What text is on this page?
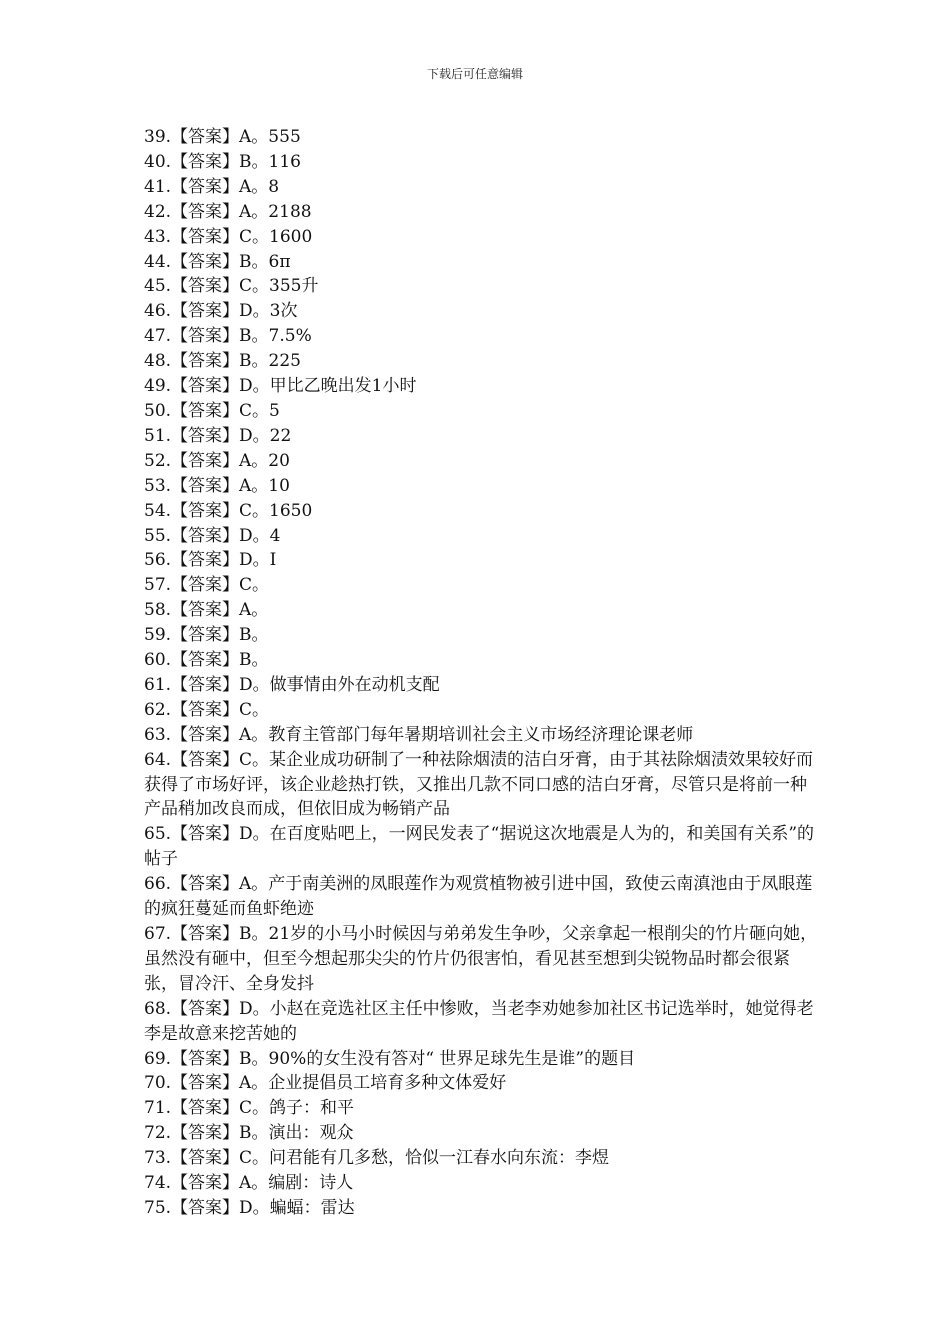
下载后可任意编辑
39.【答案】A。555
40.【答案】B。116
41.【答案】A。8
42.【答案】A。2188
43.【答案】C。1600
44.【答案】B。6π
45.【答案】C。355升
46.【答案】D。3次
47.【答案】B。7.5%
48.【答案】B。225
49.【答案】D。甲比乙晚出发1小时
50.【答案】C。5
51.【答案】D。22
52.【答案】A。20
53.【答案】A。10
54.【答案】C。1650
55.【答案】D。4
56.【答案】D。I
57.【答案】C。
58.【答案】A。
59.【答案】B。
60.【答案】B。
61.【答案】D。做事情由外在动机支配
62.【答案】C。
63.【答案】A。教育主管部门每年暑期培训社会主义市场经济理论课老师
64.【答案】C。某企业成功研制了一种祛除烟渍的洁白牙膏，由于其祛除烟渍效果较好而获得了市场好评，该企业趁热打铁，又推出几款不同口感的洁白牙膏，尽管只是将前一种产品稍加改良而成，但依旧成为畅销产品
65.【答案】D。在百度贴吧上，一网民发表了“据说这次地震是人为的，和美国有关系”的帖子
66.【答案】A。产于南美洲的凤眼莲作为观赏植物被引进中国，致使云南滇池由于凤眼莲的疯狂蔓延而鱼虾绝迹
67.【答案】B。21岁的小马小时候因与弟弟发生争吵，父亲拿起一根削尖的竹片砸向她，虽然没有砸中，但至今想起那尖尖的竹片仍很害怕，看见甚至想到尖锐物品时都会很紧张，冒冷汗、全身发抖
68.【答案】D。小赵在竞选社区主任中惨败，当老李劝她参加社区书记选举时，她觉得老李是故意来挖苦她的
69.【答案】B。90%的女生没有答对“ 世界足球先生是谁”的题目
70.【答案】A。企业提倡员工培育多种文体爱好
71.【答案】C。鸽子：和平
72.【答案】B。演出：观众
73.【答案】C。问君能有几多愁，恰似一江春水向东流：李煜
74.【答案】A。编剧：诗人
75.【答案】D。蝙蝠：雷达
